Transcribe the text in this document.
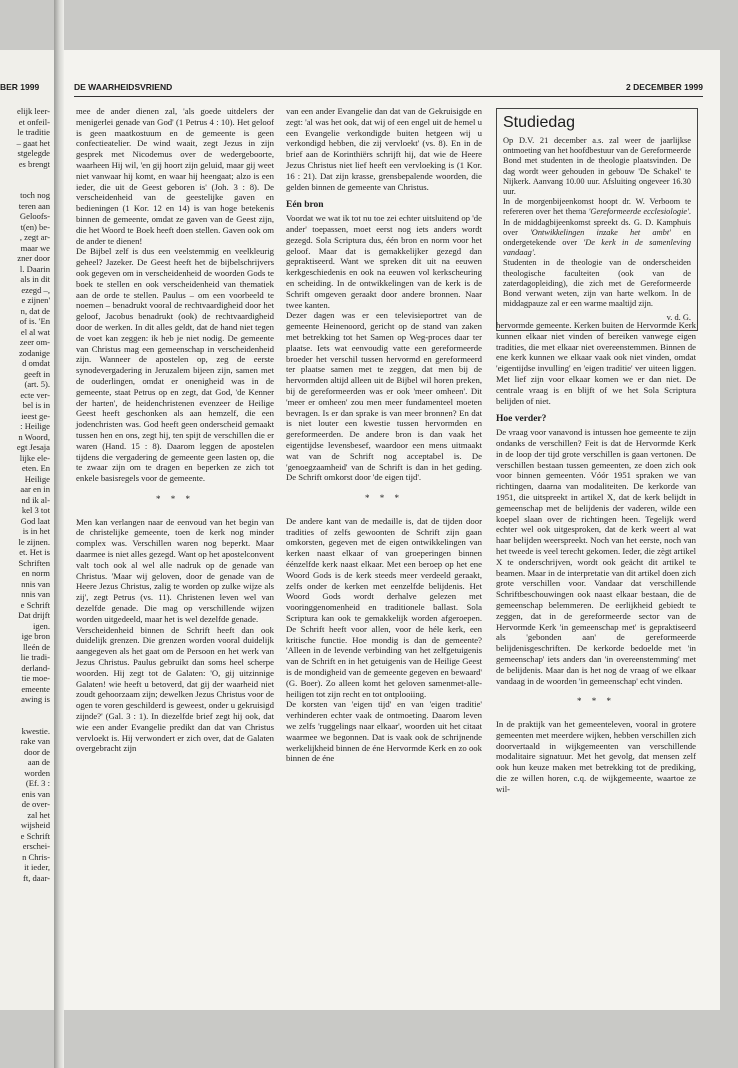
BER 1999
elijk leer-
et onfeil-
le traditie
– gaat het
stgelegde
es brengt

toch nog
teren aan
Geloofs-
t(en) be-
, zegt ar-
maar we
zner door
l. Daarin
als in dit
ezegd –,
e zijnen'
n, dat de
of is. 'En
el al wat
zeer om-
zodanige
d omdat
geeft in
(art. 5).
ecte ver-
bel is in
ieest ge-
: Heilige
n Woord,
egt Jesaja
lijke ele-
eten. En
Heilige
aar en in
nd ik al-
kel 3 tot
God laat
is in het
le zijnen.
et. Het is
Schriften
en norm
nnis van
nnis van
e Schrift
Dat drijft
igen.
ige bron
lleén de
lie tradi-
derland-
tie moe-
emeente
awing is

kwestie.
rake van
door de
aan de
worden
(Ef. 3 :
enis van
de over-
zal het
wijsheid
e Schrift
erschei-
n Chris-
it ieder,
ft, daar-
DE WAARHEIDSVRIEND	2 DECEMBER 1999

mee de ander dienen zal, 'als goede uitdelers der menigerlei genade van God' (1 Petrus 4 : 10). Het geloof is geen maatkostuum en de gemeente is geen confectieatelier. De wind waait, zegt Jezus in zijn gesprek met Nicodemus over de wedergeboorte, waarheen Hij wil, 'en gij hoort zijn geluid, maar gij weet niet vanwaar hij komt, en waar hij heengaat; alzo is een ieder, die uit de Geest geboren is' (Joh. 3 : 8). De verscheidenheid van de geestelijke gaven en bedieningen (1 Kor. 12 en 14) is van hoge betekenis binnen de gemeente, omdat ze gaven van de Geest zijn, die het Woord te Boek heeft doen stellen. Gaven ook om de ander te dienen!

De Bijbel zelf is dus een veelstemmig en veelkleurig geheel? Jazeker. De Geest heeft het de bijbelschrijvers ook gegeven om in verscheidenheid de woorden Gods te boek te stellen en ook verscheidenheid van thematiek aan de orde te stellen. Paulus – om een voorbeeld te noemen – benadrukt vooral de rechtvaardigheid door het geloof, Jacobus benadrukt (ook) de rechtvaardigheid door de werken. In dit alles geldt, dat de hand niet tegen de voet kan zeggen: ik heb je niet nodig. De gemeente van Christus mag een gemeenschap in verscheidenheid zijn. Wanneer de apostelen op, zeg de eerste synodevergadering in Jeruzalem bijeen zijn, samen met de ouderlingen, omdat er onenigheid was in de gemeente, staat Petrus op en zegt, dat God, 'de Kenner der harten', de heidenchristenen evenzeer de Heilige Geest heeft geschonken als aan hemzelf, die een jodenchristen was. God heeft geen onderscheid gemaakt tussen hen en ons, zegt hij, ten spijt de verschillen die er waren (Hand. 15 : 8). Daarom leggen de apostelen tijdens die vergadering de gemeente geen lasten op, die te zwaar zijn om te dragen en beperken ze zich tot enkele basisregels voor de gemeente.

* * *

Men kan verlangen naar de eenvoud van het begin van de christelijke gemeente, toen de kerk nog minder complex was. Verschillen waren nog beperkt. Maar daarmee is niet alles gezegd. Want op het apostelconvent valt toch ook al wel alle nadruk op de genade van Christus. 'Maar wij geloven, door de genade van de Heere Jezus Christus, zalig te worden op zulke wijze als zij', zegt Petrus (vs. 11). Christenen leven wel van dezelfde genade. Die mag op verschillende wijzen worden uitgedeeld, maar het is wel dezelfde genade.

Verscheidenheid binnen de Schrift heeft dan ook duidelijk grenzen. Die grenzen worden vooral duidelijk aangegeven als het gaat om de Persoon en het werk van Jezus Christus. Paulus gebruikt dan soms heel scherpe woorden. Hij zegt tot de Galaten: 'O, gij uitzinnige Galaten! wie heeft u betoverd, dat gij der waarheid niet zoudt gehoorzaam zijn; dewelken Jezus Christus voor de ogen te voren geschilderd is geweest, onder u gekruisigd zijnde?' (Gal. 3 : 1). In diezelfde brief zegt hij ook, dat wie een ander Evangelie predikt dan dat van Christus vervloekt is. Hij verwondert er zich over, dat de Galaten overgebracht zijn

van een ander Evangelie dan dat van de Gekruisigde en zegt: 'al was het ook, dat wij of een engel uit de hemel u een Evangelie verkondigde buiten hetgeen wij u verkondigd hebben, die zij vervloekt' (vs. 8). En in de brief aan de Korinthiërs schrijft hij, dat wie de Heere Jezus Christus niet lief heeft een vervloeking is (1 Kor. 16 : 21). Dat zijn krasse, grensbepalende woorden, die gelden binnen de gemeente van Christus.

Eén bron

Voordat we wat ik tot nu toe zei echter uitsluitend op 'de ander' toepassen, moet eerst nog iets anders wordt gezegd. Sola Scriptura dus, één bron en norm voor het geloof. Maar dat is gemakkelijker gezegd dan gepraktiseerd. Want we spreken dit uit na eeuwen kerkgeschiedenis en ook na eeuwen vol kerkscheuring en scheiding. In de ontwikkelingen van de kerk is de Schrift omgeven geraakt door andere bronnen. Naar twee kanten.

Dezer dagen was er een televisieportret van de gemeente Heinenoord, gericht op de stand van zaken met betrekking tot het Samen op Weg-proces daar ter plaatse. Iets wat eenvoudig vatte een gereformeerde broeder het verschil tussen hervormd en gereformeerd ter plaatse samen met te zeggen, dat men bij de hervormden altijd alleen uit de Bijbel wil horen preken, bij de gereformeerden was er ook 'meer omheen'. Dit 'meer er omheen' zou men meer fundamenteel moeten bevragen. Is er dan sprake is van meer bronnen? En dat is niet louter een kwestie tussen hervormden en gereformeerden. De andere bron is dan vaak het eigentijdse levensbesef, waardoor een mens uitmaakt wat van de Schrift nog acceptabel is. De 'genoegzaamheid' van de Schrift is dan in het geding. De Schrift omkorst door 'de eigen tijd'.

* * *

De andere kant van de medaille is, dat de tijden door tradities of zelfs gewoonten de Schrift zijn gaan omkorsten, gegeven met de eigen ontwikkelingen van kerken naast elkaar of van groeperingen binnen éénzelfde kerk naast elkaar. Met een beroep op het ene Woord Gods is de kerk steeds meer verdeeld geraakt, zelfs onder de kerken met eenzelfde belijdenis. Het Woord Gods wordt derhalve gelezen met vooringgenomenheid en traditionele ballast. Sola Scriptura kan ook te gemakkelijk worden afgeroepen. De Schrift heeft voor allen, voor de héle kerk, een kritische functie. Hoe mondig is dan de gemeente? 'Alleen in de levende verbinding van het zelfgetuigenis van de Schrift en in het getuigenis van de Heilige Geest is de mondigheid van de gemeente gegeven en bewaard' (G. Boer). Zo alleen komt het geloven samenmet-alle-heiligen tot zijn recht en tot ontplooiing.

De korsten van 'eigen tijd' en van 'eigen traditie' verhinderen echter vaak de ontmoeting. Daarom leven we zelfs 'ruggelings naar elkaar', woorden uit het citaat waarmee we begonnen. Dat is vaak ook de schrijnende werkelijkheid binnen de éne Hervormde Kerk en zo ook binnen de éne

Studiedag

Op D.V. 21 december a.s. zal weer de jaarlijkse ontmoeting van het hoofdbestuur van de Gereformeerde Bond met studenten in de theologie plaatsvinden. De dag wordt weer gehouden in gebouw 'De Schakel' te Nijkerk. Aanvang 10.00 uur. Afsluiting ongeveer 16.30 uur.

In de morgenbijeenkomst hoopt dr. W. Verboom te refereren over het thema 'Gereformeerde ecclesiologie'. In de middagbijeenkomst spreekt ds. G. D. Kamphuis over 'Ontwikkelingen inzake het ambt' en ondergetekende over 'De kerk in de samenleving vandaag'.

Studenten in de theologie van de onderscheiden theologische faculteiten (ook van de zaterdagopleiding), die zich met de Gereformeerde Bond verwant weten, zijn van harte welkom. In de middagpauze zal er een warme maaltijd zijn.

v. d. G.

hervormde gemeente. Kerken buiten de Hervormde Kerk kunnen elkaar niet vinden of bereiken vanwege eigen tradities, die met elkaar niet overeenstemmen. Binnen de ene kerk kunnen we elkaar vaak ook niet vinden, omdat 'eigentijdse invulling' en 'eigen traditie' ver uiteen liggen. Met lief zijn voor elkaar komen we er dan niet. De centrale vraag is en blijft of we het Sola Scriptura belijden of niet.

Hoe verder?

De vraag voor vanavond is intussen hoe gemeente te zijn ondanks de verschillen? Feit is dat de Hervormde Kerk in de loop der tijd grote verschillen is gaan vertonen. De verschillen bestaan tussen gemeenten, ze doen zich ook voor binnen gemeenten. Vóór 1951 spraken we van richtingen, daarna van modaliteiten. De kerkorde van 1951, die uitspreekt in artikel X, dat de kerk belijdt in gemeenschap met de belijdenis der vaderen, wilde een koepel slaan over de richtingen heen. Tegelijk werd echter wel ook uitgesproken, dat de kerk weert al wat haar belijden weerspreekt. Noch van het eerste, noch van het tweede is veel terecht gekomen. Ieder, die zègt artikel X te onderschrijven, wordt ook geächt dit artikel te beamen. Maar in de interpretatie van dit artikel doen zich grote verschillen voor. Vandaar dat verschillende Schriftbeschouwingen ook naast elkaar bestaan, die de gemeenschap belemmeren. De eerlijkheid gebiedt te zeggen, dat in de gereformeerde sector van de Hervormde Kerk 'in gemeenschap met' is gepraktiseerd als 'gebonden aan' de gereformeerde belijdenisgeschriften. De kerkorde bedoelde met 'in gemeenschap' iets anders dan 'in overeenstemming' met de belijdenis. Maar dan is het nog de vraag of we elkaar vandaag in de woorden 'in gemeenschap' echt vinden.

* * *

In de praktijk van het gemeenteleven, vooral in grotere gemeenten met meerdere wijken, hebben verschillen zich doorvertaald in wijkgemeenten van verschillende modalitaire signatuur. Met het gevolg, dat mensen zelf ook hun keuze maken met betrekking tot de prediking, die ze willen horen, c.q. de wijkgemeente, waartoe ze wil-
